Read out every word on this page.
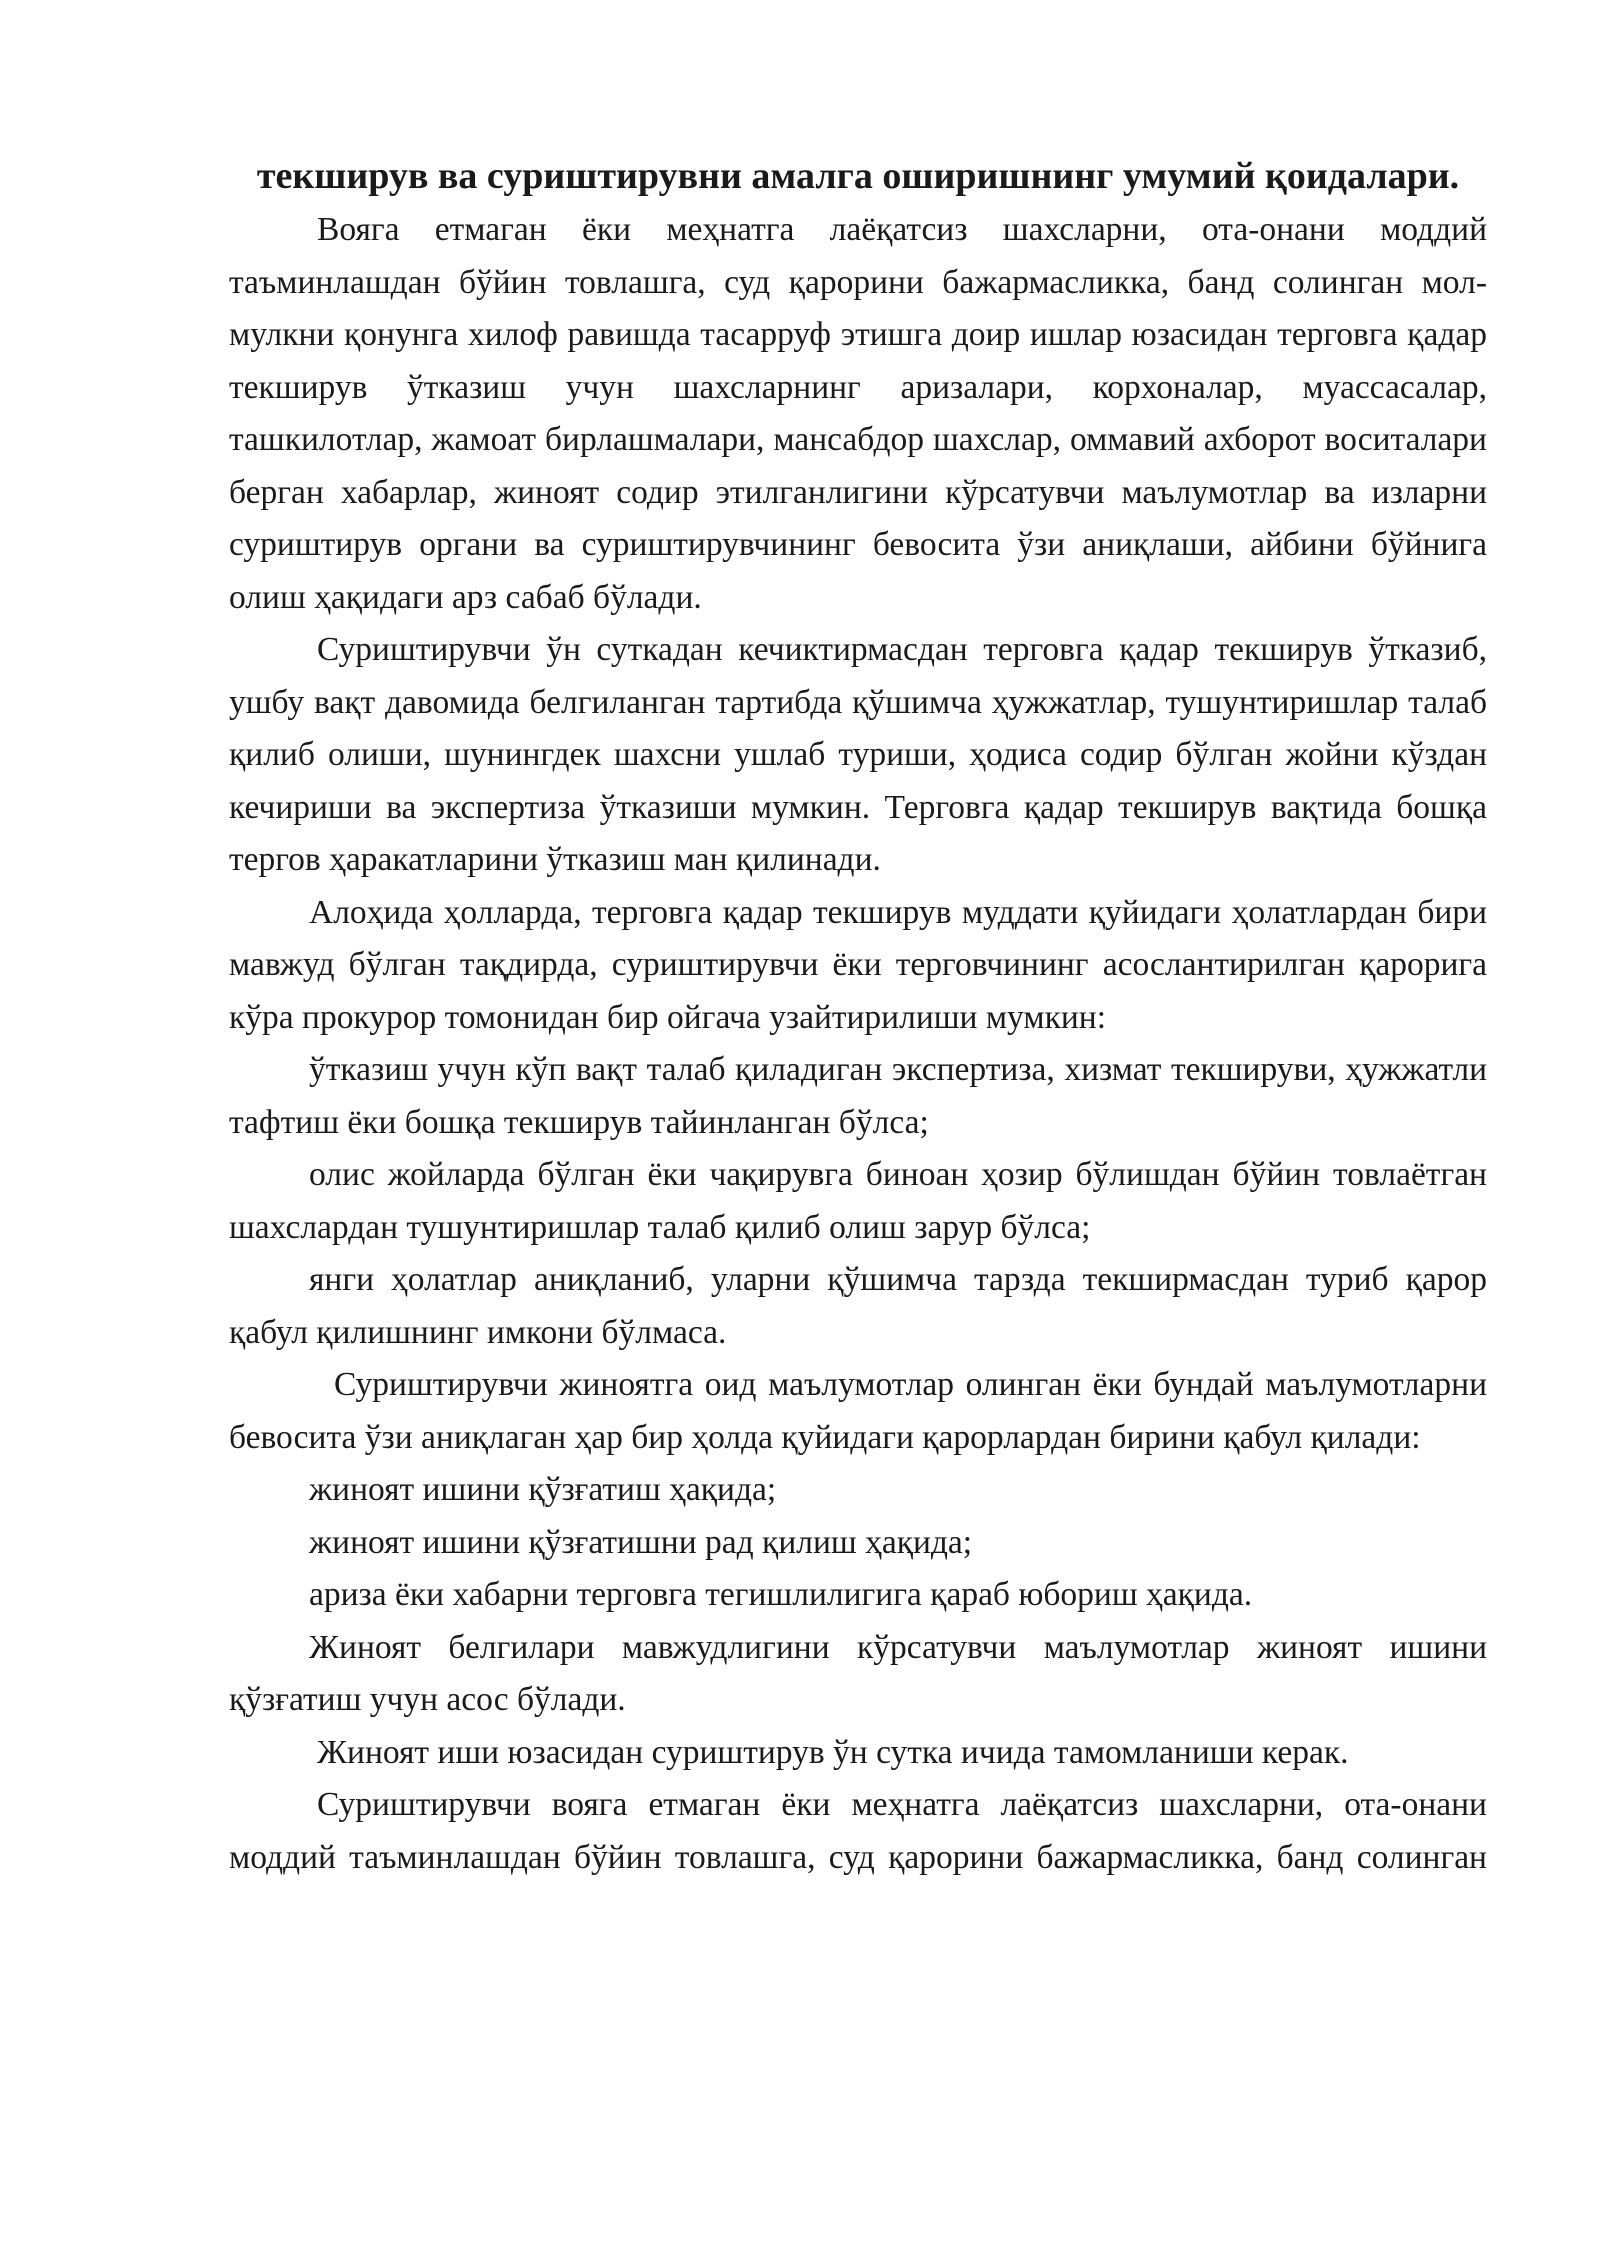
текширув ва суриштирувни амалга оширишнинг умумий қоидалари.

Вояга етмаган ёки меҳнатга лаёқатсиз шахсларни, ота-онани моддий таъминлашдан бўйин товлашга, суд қарорини бажармасликка, банд солинган мол-мулкни қонунга хилоф равишда тасарруф этишга доир ишлар юзасидан терговга қадар текширув ўтказиш учун шахсларнинг аризалари, корхоналар, муассасалар, ташкилотлар, жамоат бирлашмалари, мансабдор шахслар, оммавий ахборот воситалари берган хабарлар, жиноят содир этилганлигини кўрсатувчи маълумотлар ва изларни суриштирув органи ва суриштирувчининг бевосита ўзи аниқлаши, айбини бўйнига олиш ҳақидаги арз сабаб бўлади.

Суриштирувчи ўн суткадан кечиктирмасдан терговга қадар текширув ўтказиб, ушбу вақт давомида белгиланган тартибда қўшимча ҳужжатлар, тушунтиришлар талаб қилиб олиши, шунингдек шахсни ушлаб туриши, ҳодиса содир бўлган жойни кўздан кечириши ва экспертиза ўтказиши мумкин. Терговга қадар текширув вақтида бошқа тергов ҳаракатларини ўтказиш ман қилинади.

Алоҳида ҳолларда, терговга қадар текширув муддати қуйидаги ҳолатлардан бири мавжуд бўлган тақдирда, суриштирувчи ёки терговчининг асослантирилган қарорига кўра прокурор томонидан бир ойгача узайтирилиши мумкин:

ўтказиш учун кўп вақт талаб қиладиган экспертиза, хизмат текшируви, ҳужжатли тафтиш ёки бошқа текширув тайинланган бўлса;

олис жойларда бўлган ёки чақирувга биноан ҳозир бўлишдан бўйин товлаётган шахслардан тушунтиришлар талаб қилиб олиш зарур бўлса;

янги ҳолатлар аниқланиб, уларни қўшимча тарзда текширмасдан туриб қарор қабул қилишнинг имкони бўлмаса.

Суриштирувчи жиноятга оид маълумотлар олинган ёки бундай маълумотларни бевосита ўзи аниқлаган ҳар бир ҳолда қуйидаги қарорлардан бирини қабул қилади:

жиноят ишини қўзғатиш ҳақида;

жиноят ишини қўзғатишни рад қилиш ҳақида;

ариза ёки хабарни терговга тегишлилигига қараб юбориш ҳақида.

Жиноят белгилари мавжудлигини кўрсатувчи маълумотлар жиноят ишини қўзғатиш учун асос бўлади.

Жиноят иши юзасидан суриштирув ўн сутка ичида тамомланиши керак.

Суриштирувчи вояга етмаган ёки меҳнатга лаёқатсиз шахсларни, ота-онани моддий таъминлашдан бўйин товлашга, суд қарорини бажармасликка, банд солинган
